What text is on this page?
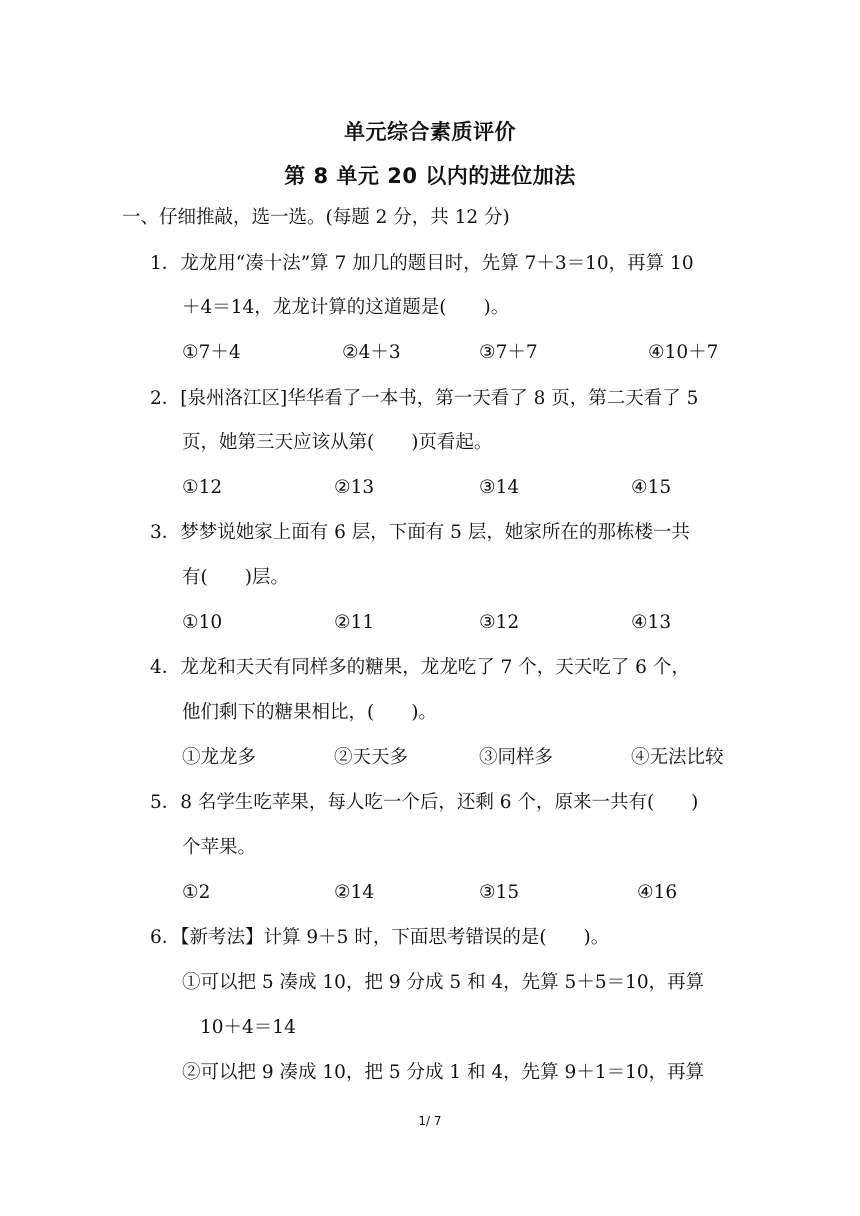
单元综合素质评价
第 8 单元 20 以内的进位加法
一、仔细推敲，选一选。(每题 2 分，共 12 分)
1．龙龙用“凑十法”算 7 加几的题目时，先算 7＋3＝10，再算 10
＋4＝14，龙龙计算的这道题是(　　)。
①7＋4	②4＋3	③7＋7	④10＋7
2．[泉州洛江区]华华看了一本书，第一天看了 8 页，第二天看了 5
页，她第三天应该从第(　　)页看起。
①12	②13	③14	④15
3．梦梦说她家上面有 6 层，下面有 5 层，她家所在的那栋楼一共
有(　　)层。
①10	②11	③12	④13
4．龙龙和天天有同样多的糖果，龙龙吃了 7 个，天天吃了 6 个，
他们剩下的糖果相比，(　　)。
①龙龙多	②天天多	③同样多	④无法比较
5．8 名学生吃苹果，每人吃一个后，还剩 6 个，原来一共有(　　)
个苹果。
①2	②14	③15	④16
6．【新考法】计算 9＋5 时，下面思考错误的是(　　)。
①可以把 5 凑成 10，把 9 分成 5 和 4，先算 5＋5＝10，再算
10＋4＝14
②可以把 9 凑成 10，把 5 分成 1 和 4，先算 9＋1＝10，再算
1/ 7
